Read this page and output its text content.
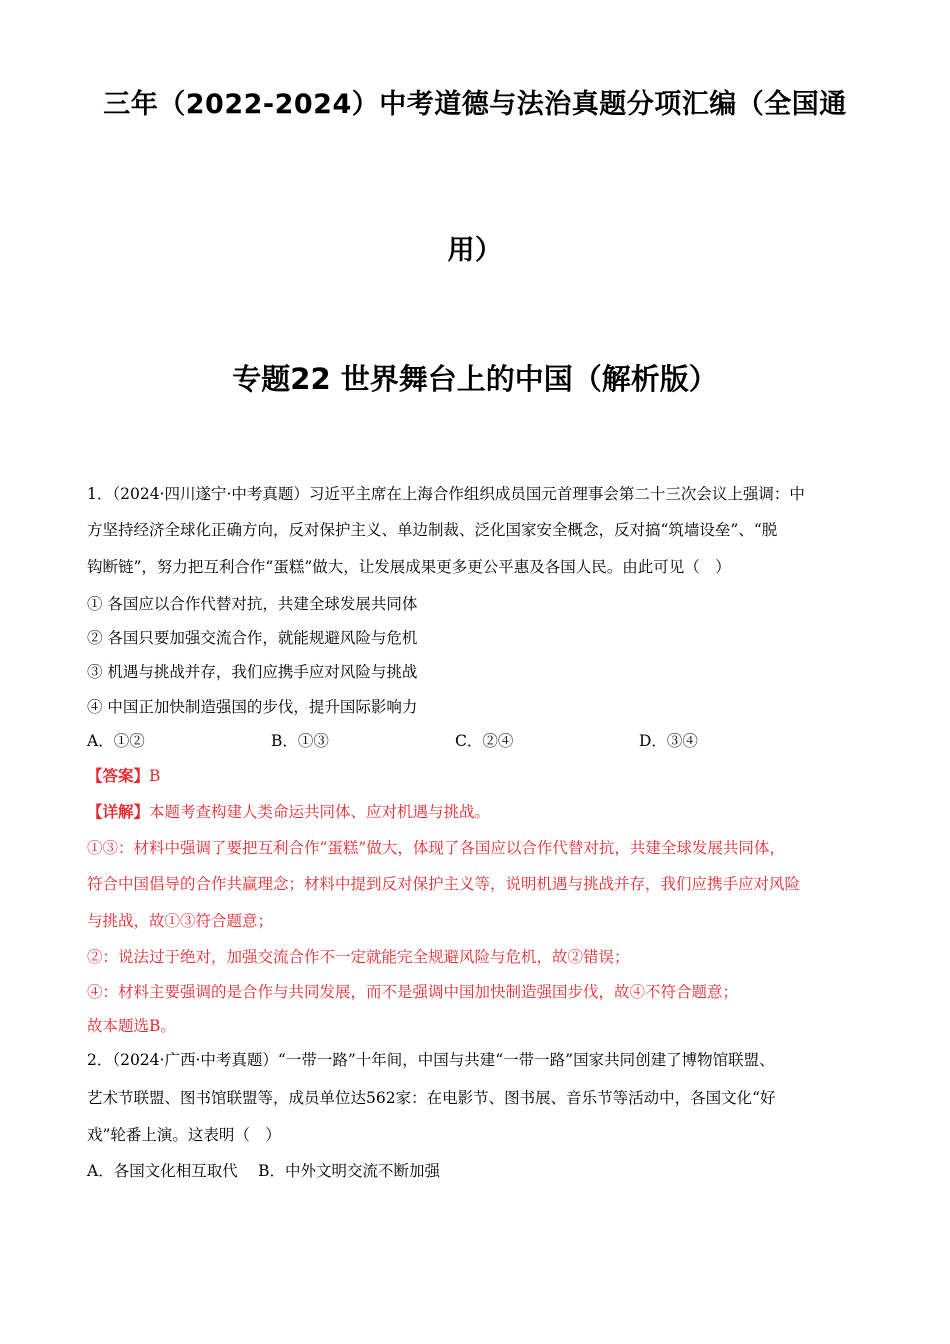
三年（2022-2024）中考道德与法治真题分项汇编（全国通
用）
专题22 世界舞台上的中国（解析版）
1．（2024·四川遂宁·中考真题）习近平主席在上海合作组织成员国元首理事会第二十三次会议上强调：中
方坚持经济全球化正确方向，反对保护主义、单边制裁、泛化国家安全概念，反对搞“筑墙设垒”、“脱
钩断链”，努力把互利合作“蛋糕”做大，让发展成果更多更公平惠及各国人民。由此可见（　）
① 各国应以合作代替对抗，共建全球发展共同体
② 各国只要加强交流合作，就能规避风险与危机
③ 机遇与挑战并存，我们应携手应对风险与挑战
④ 中国正加快制造强国的步伐，提升国际影响力
A．①②	B．①③	C．②④	D．③④
【答案】B
【详解】本题考查构建人类命运共同体、应对机遇与挑战。
①③：材料中强调了要把互利合作“蛋糕”做大，体现了各国应以合作代替对抗，共建全球发展共同体，
符合中国倡导的合作共赢理念；材料中提到反对保护主义等，说明机遇与挑战并存，我们应携手应对风险
与挑战，故①③符合题意；
②：说法过于绝对，加强交流合作不一定就能完全规避风险与危机，故②错误；
④：材料主要强调的是合作与共同发展，而不是强调中国加快制造强国步伐，故④不符合题意；
故本题选B。
2．（2024·广西·中考真题）“一带一路”十年间，中国与共建“一带一路”国家共同创建了博物馆联盟、
艺术节联盟、图书馆联盟等，成员单位达562家：在电影节、图书展、音乐节等活动中，各国文化“好
戏”轮番上演。这表明（　）
A．各国文化相互取代　 B．中外文明交流不断加强
